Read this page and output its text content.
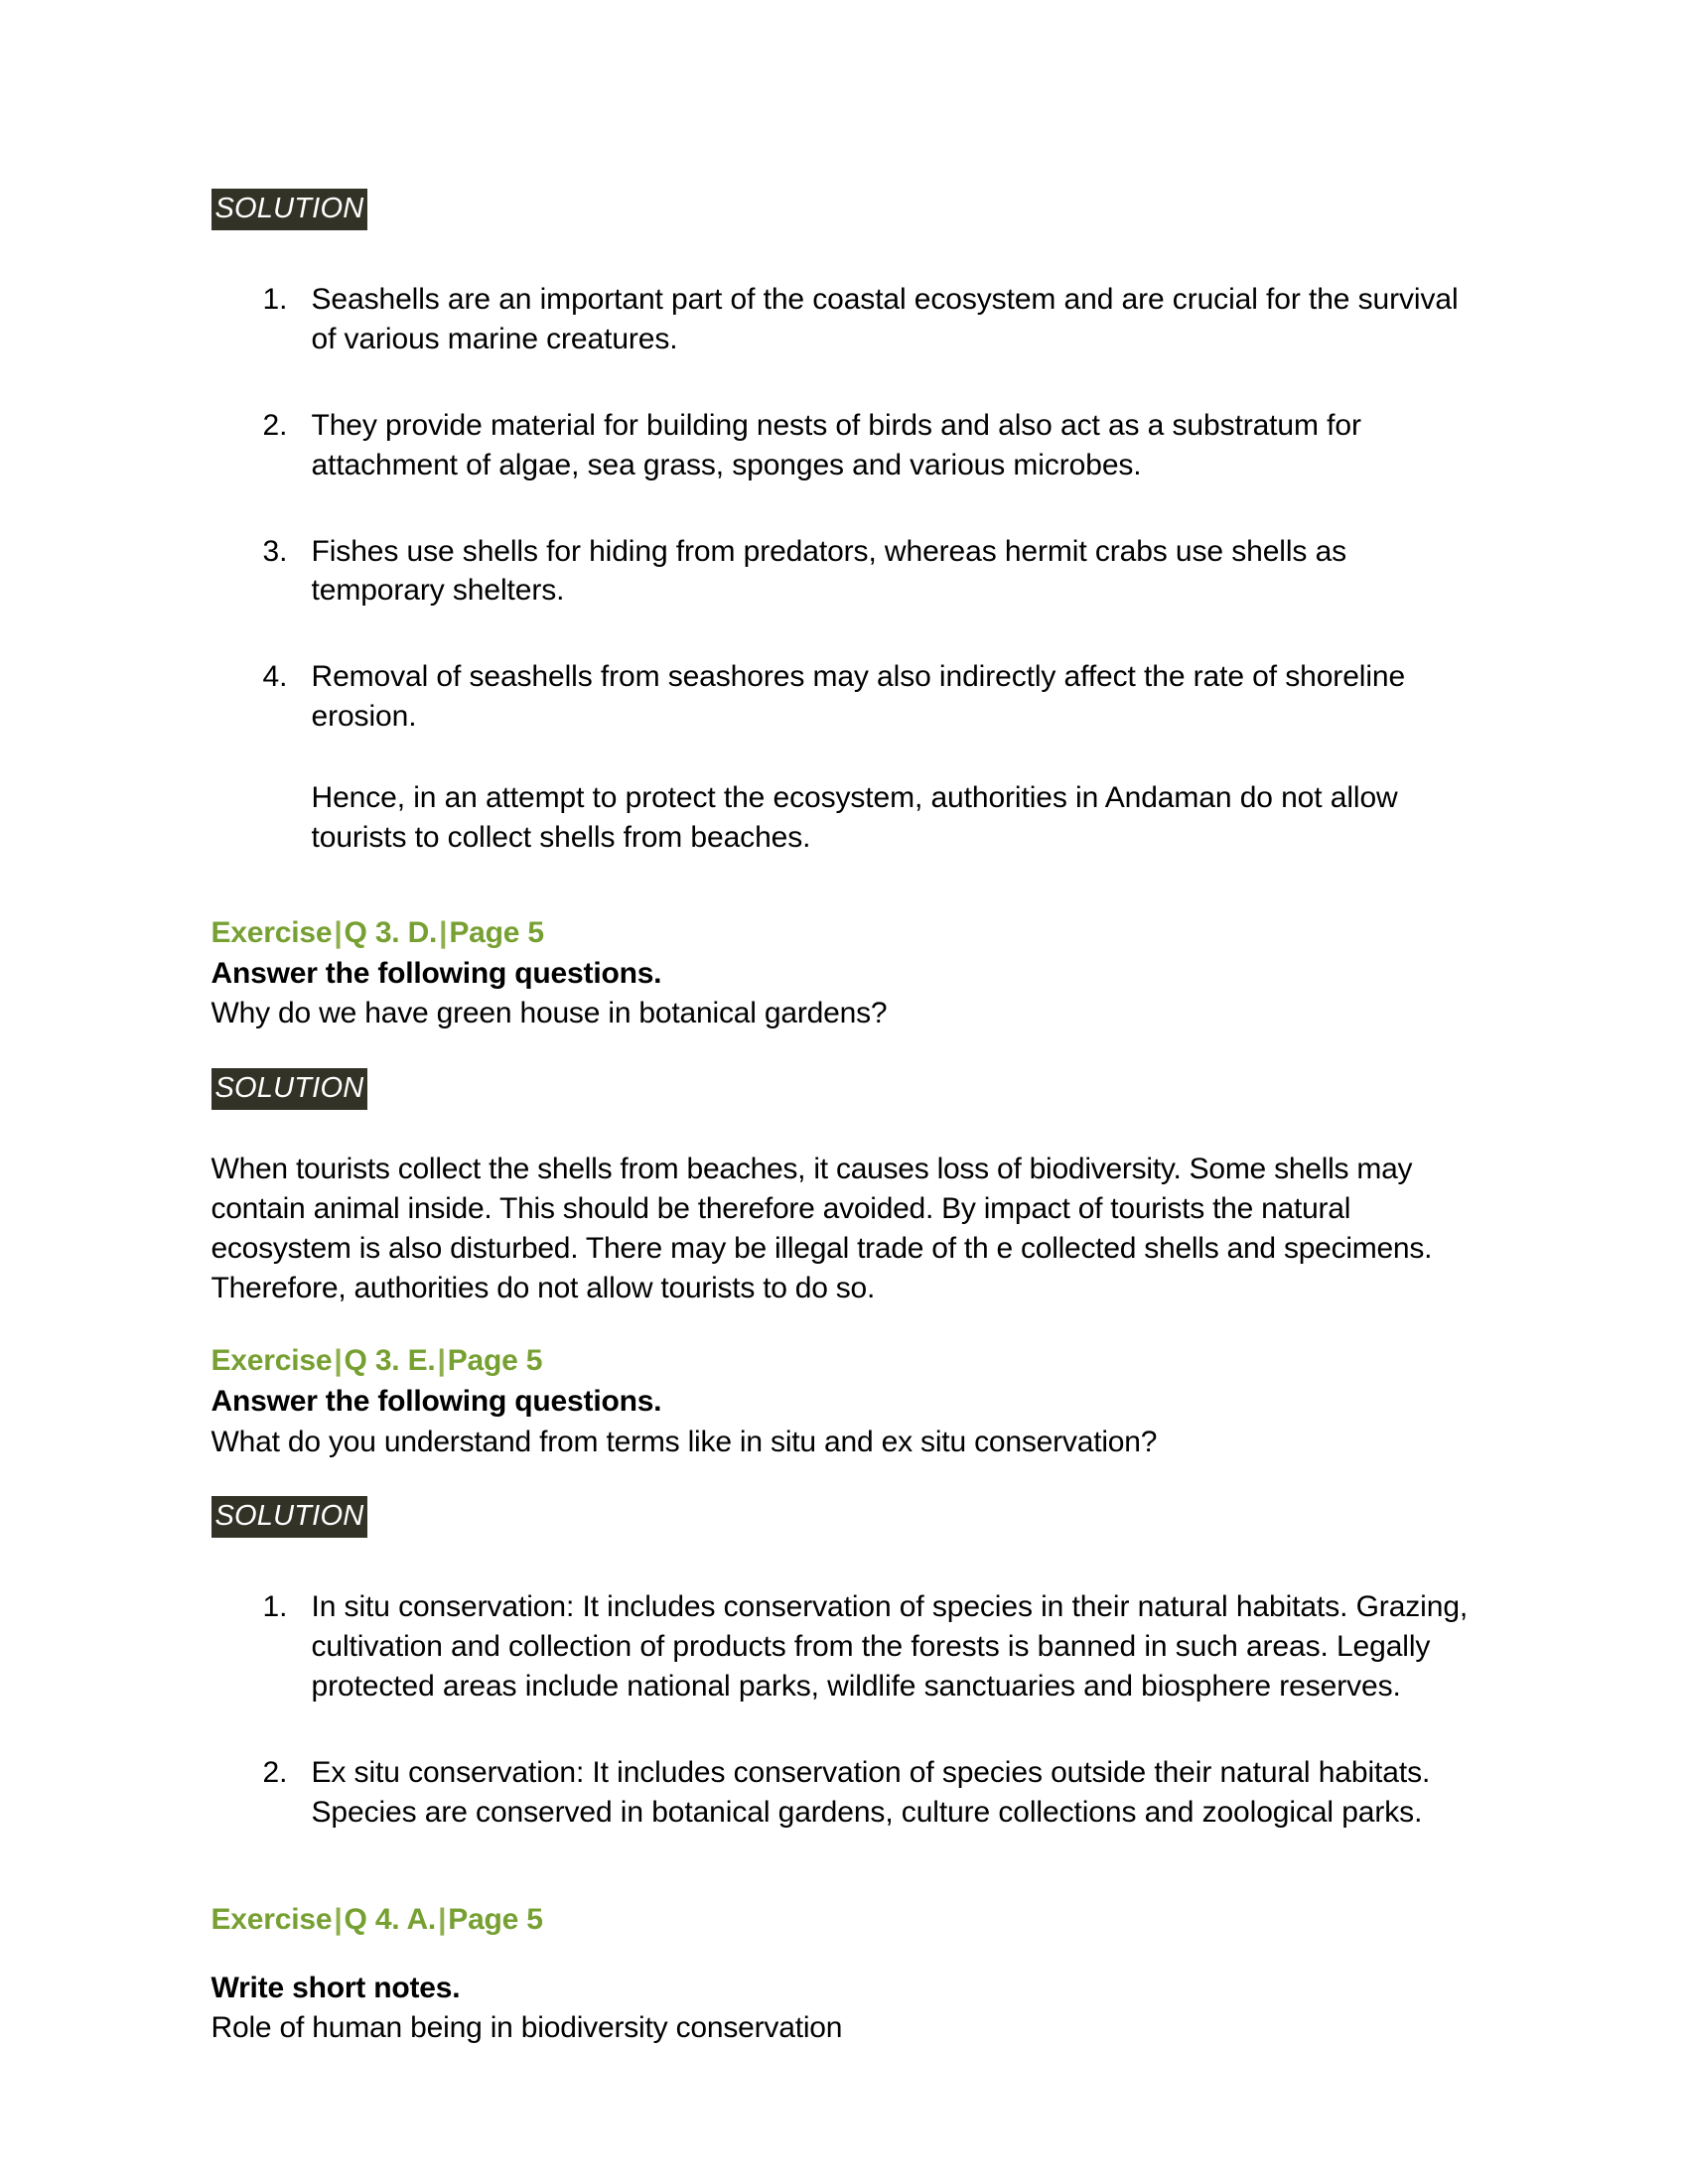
SOLUTION
1. Seashells are an important part of the coastal ecosystem and are crucial for the survival of various marine creatures.
2. They provide material for building nests of birds and also act as a substratum for attachment of algae, sea grass, sponges and various microbes.
3. Fishes use shells for hiding from predators, whereas hermit crabs use shells as temporary shelters.
4. Removal of seashells from seashores may also indirectly affect the rate of shoreline erosion.

Hence, in an attempt to protect the ecosystem, authorities in Andaman do not allow tourists to collect shells from beaches.

Exercise|Q 3. D.|Page 5

Answer the following questions.

Why do we have green house in botanical gardens?

SOLUTION

When tourists collect the shells from beaches, it causes loss of biodiversity. Some shells may contain animal inside. This should be therefore avoided. By impact of tourists the natural ecosystem is also disturbed. There may be illegal trade of th e collected shells and specimens. Therefore, authorities do not allow tourists to do so.

Exercise|Q 3. E.|Page 5

Answer the following questions.

What do you understand from terms like in situ and ex situ conservation?

SOLUTION
1. In situ conservation: It includes conservation of species in their natural habitats. Grazing, cultivation and collection of products from the forests is banned in such areas. Legally protected areas include national parks, wildlife sanctuaries and biosphere reserves.
2. Ex situ conservation: It includes conservation of species outside their natural habitats. Species are conserved in botanical gardens, culture collections and zoological parks.

Exercise|Q 4. A.|Page 5

Write short notes.

Role of human being in biodiversity conservation
